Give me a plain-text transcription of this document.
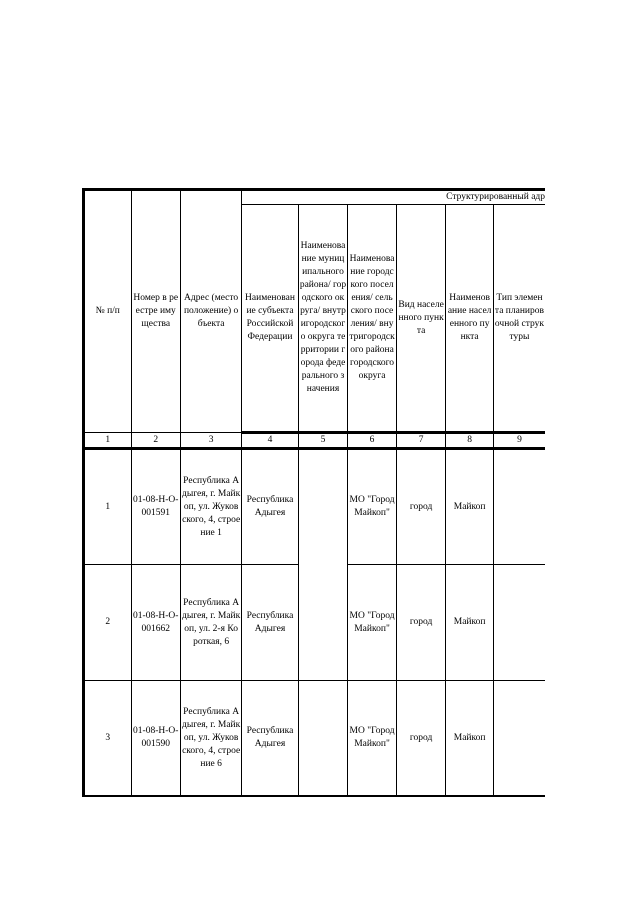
№ п/п	Номер в реестре имущества	Адрес (местоположение) объекта	Структурированный адр					
			Наименование субъекта Российской Федерации	Наименование муниципального района/ городского округа/ внутригородского округа территории города федерального значения	Наименование городского поселения/ сельского поселения/ внутригородского района городского округа	Вид населенного пункта	Наименование населенного пункта	Тип элемента планировочной структуры
1	2	3	4	5	6	7	8	9
1	01-08-Н-О-001591	Республика Адыгея, г. Майкоп, ул. Жуковского, 4, строение 1	Республика Адыгея		МО "Город Майкоп"	город	Майкоп	
2	01-08-Н-О-001662	Республика Адыгея, г. Майкоп, ул. 2-я Короткая, 6	Республика Адыгея		МО "Город Майкоп"	город	Майкоп	
3	01-08-Н-О-001590	Республика Адыгея, г. Майкоп, ул. Жуковского, 4, строение 6	Республика Адыгея		МО "Город Майкоп"	город	Майкоп	
